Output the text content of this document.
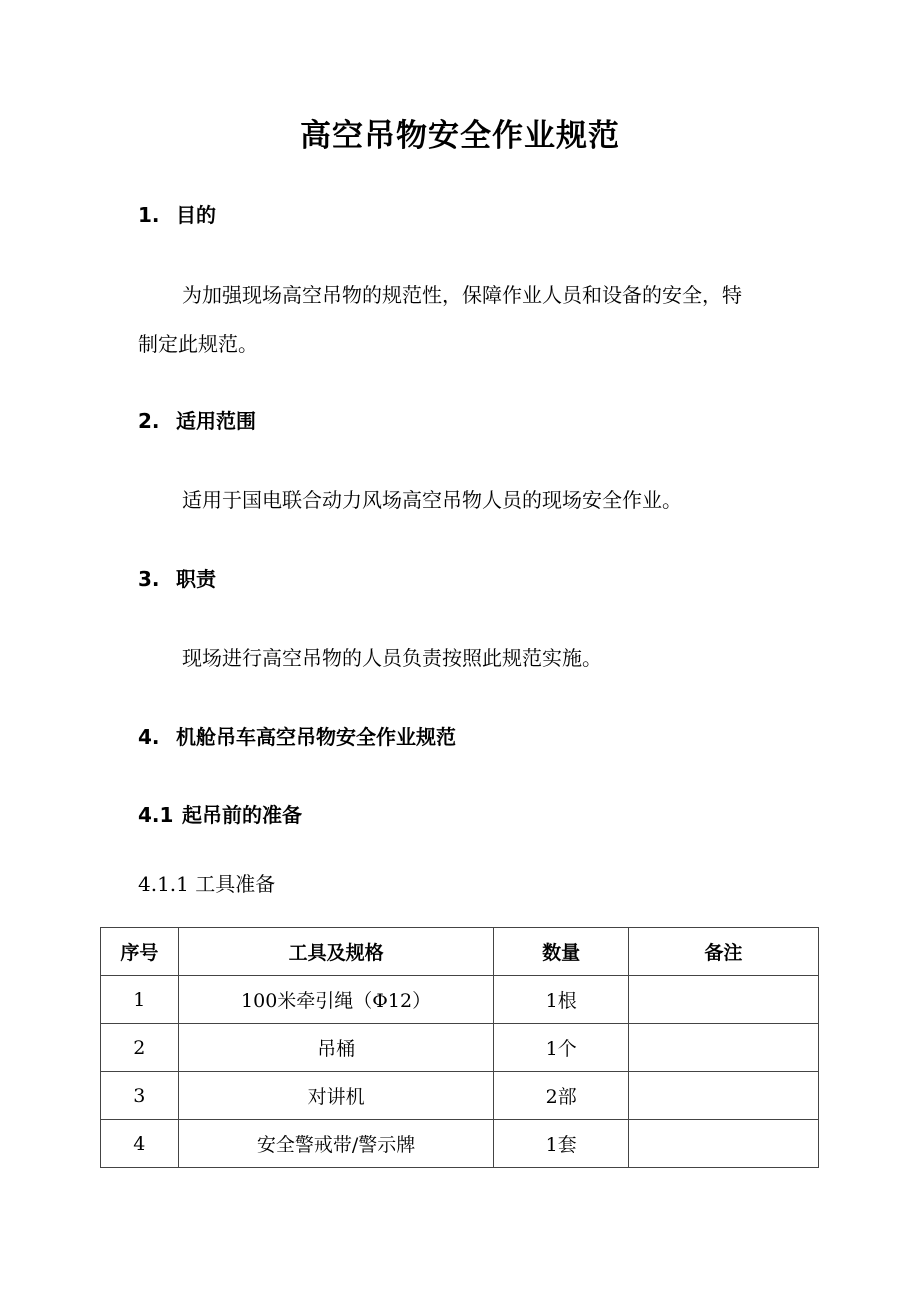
高空吊物安全作业规范
1. 目的
为加强现场高空吊物的规范性，保障作业人员和设备的安全，特
制定此规范。
2. 适用范围
适用于国电联合动力风场高空吊物人员的现场安全作业。
3. 职责
现场进行高空吊物的人员负责按照此规范实施。
4. 机舱吊车高空吊物安全作业规范
4.1 起吊前的准备
4.1.1 工具准备
序号	工具及规格	数量	备注
1	100米牵引绳（Φ12）	1根	
2	吊桶	1个	
3	对讲机	2部	
4	安全警戒带/警示牌	1套	
